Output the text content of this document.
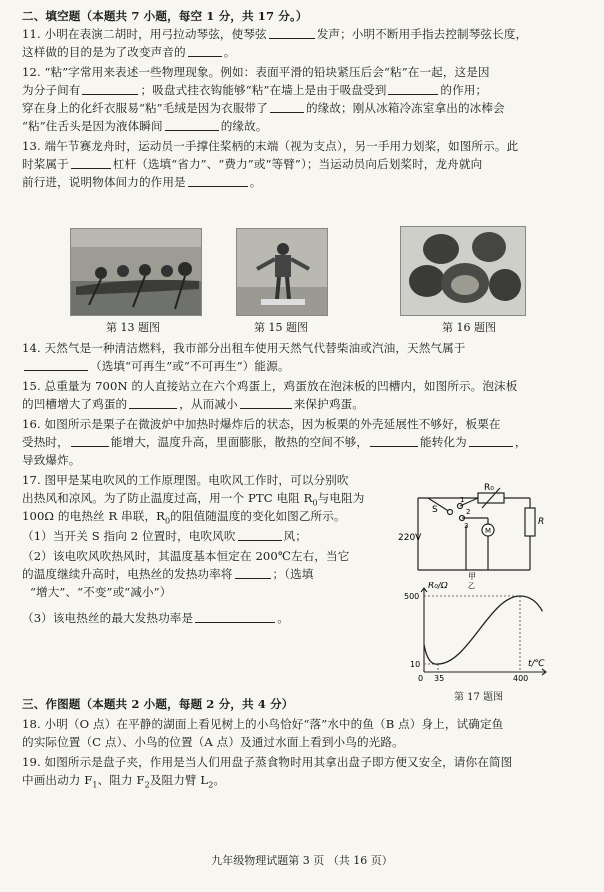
二、填空题（本题共 7 小题，每空 1 分，共 17 分。）
11. 小明在表演二胡时，用弓拉动琴弦，使琴弦	发声；小明不断用手指去控制琴弦长度，
这样做的目的是为了改变声音的	。
12. “粘”字常用来表述一些物理现象。例如：表面平滑的铅块紧压后会“粘”在一起，这是因
为分子间有	；吸盘式挂衣钩能够“粘”在墙上是由于吸盘受到	的作用；
穿在身上的化纤衣服易“粘”毛绒是因为衣服带了	的缘故；刚从冰箱冷冻室拿出的冰棒会
“粘”住舌头是因为液体瞬间	的缘故。
13. 端午节赛龙舟时，运动员一手撑住桨柄的末端（视为支点），另一手用力划桨，如图所示。此
时桨属于	杠杆（选填“省力”、“费力”或“等臂”）；当运动员向后划桨时，龙舟就向
前行进，说明物体间力的作用是	。
第 13 题图	第 15 题图	第 16 题图
14. 天然气是一种清洁燃料，我市部分出租车使用天然气代替柴油或汽油，天然气属于
（选填“可再生”或“不可再生”）能源。
15. 总重量为 700N 的人直接站立在六个鸡蛋上，鸡蛋放在泡沫板的凹槽内，如图所示。泡沫板
的凹槽增大了鸡蛋的	，从而减小	来保护鸡蛋。
16. 如图所示是栗子在微波炉中加热时爆炸后的状态，因为板栗的外壳延展性不够好，板栗在
受热时，	能增大，温度升高，里面膨胀，散热的空间不够，	能转化为	，
导致爆炸。
17. 图甲是某电吹风的工作原理图。电吹风工作时，可以分别吹
出热风和凉风。为了防止温度过高，用一个 PTC 电阻 $R_0$与电阻为
100Ω 的电热丝 R 串联，$R_0$的阻值随温度的变化如图乙所示。
（1）当开关 S 指向 2 位置时，电吹风吹	风；
（2）该电吹风吹热风时，其温度基本恒定在 200℃左右，当它
的温度继续升高时，电热丝的发热功率将	；（选填
“增大”、“不变”或“减小”）
（3）该电热丝的最大发热功率是	。
R₀
R
M
S
220V
1
2
3
甲
R₀/Ω
t/℃
500
10
0 35	400
乙
第 17 题图
三、作图题（本题共 2 小题，每题 2 分，共 4 分）
18. 小明（O 点）在平静的湖面上看见树上的小鸟恰好“落”水中的鱼（B 点）身上，试确定鱼
的实际位置（C 点）、小鸟的位置（A 点）及通过水面上看到小鸟的光路。
19. 如图所示是盘子夹，作用是当人们用盘子蒸食物时用其拿出盘子即方便又安全，请你在简图
中画出动力 $F_1$、阻力 $F_2$及阻力臂 $L_2$。
九年级物理试题第 3 页 （共 16 页）
